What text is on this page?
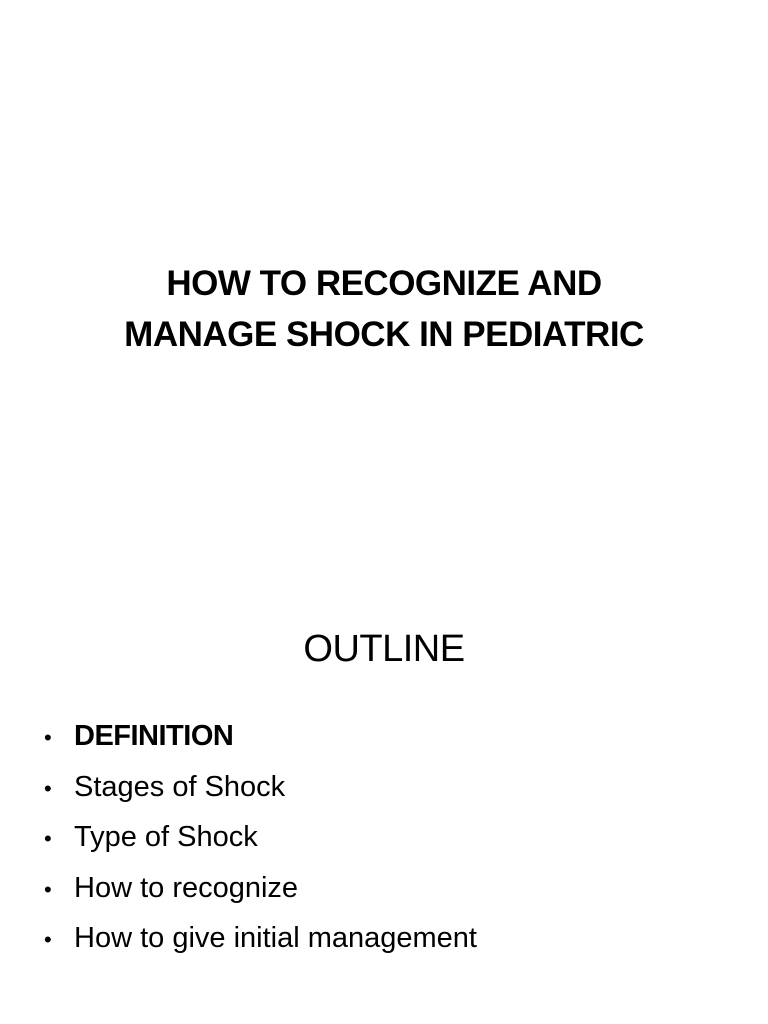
HOW TO RECOGNIZE AND
MANAGE SHOCK IN PEDIATRIC
OUTLINE
• DEFINITION
• Stages of Shock
• Type of Shock
• How to recognize
• How to give initial management
